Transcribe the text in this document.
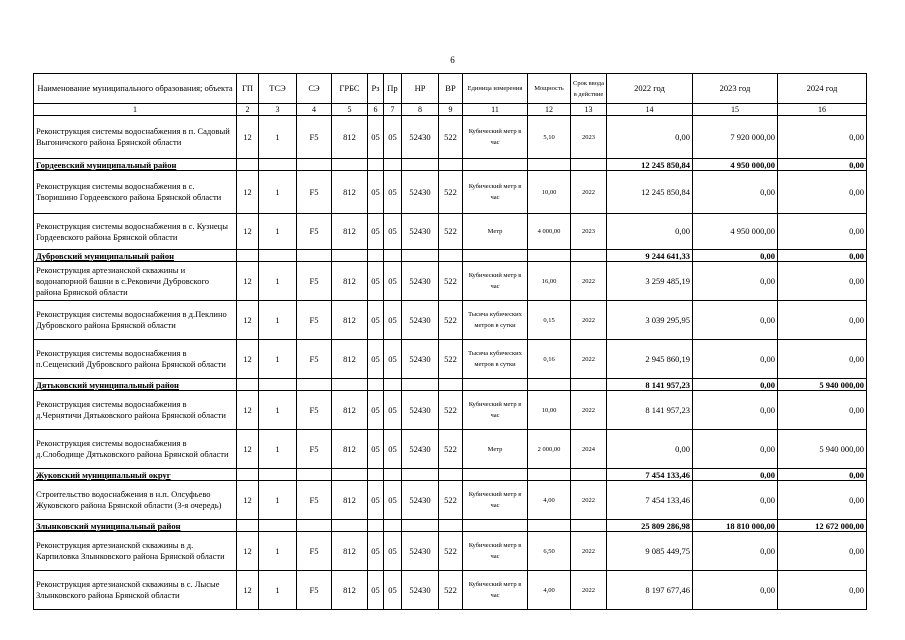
6
Наименование муниципального образования; объекта	ГП	ТСЭ	СЭ	ГРБС	Рз	Пр	НР	ВР	Единица измерения	Мощность	Срок ввода в действие	2022 год	2023 год	2024 год
1	2	3	4	5	6	7	8	9	11	12	13	14	15	16
Реконструкция системы водоснабжения в п. Садовый Выгоничского района Брянской области	12	1	F5	812	05	05	52430	522	Кубический метр в час	5,10	2023	0,00	7 920 000,00	0,00
Гордеевский муниципальный район												12 245 850,84	4 950 000,00	0,00
Реконструкция системы водоснабжения в с. Творишино Гордеевского района Брянской области	12	1	F5	812	05	05	52430	522	Кубический метр в час	10,00	2022	12 245 850,84	0,00	0,00
Реконструкция системы водоснабжения в с. Кузнецы Гордеевского района Брянской области	12	1	F5	812	05	05	52430	522	Метр	4 000,00	2023	0,00	4 950 000,00	0,00
Дубровский муниципальный район												9 244 641,33	0,00	0,00
Реконструкция артезианской скважины и водонапорной башни в с.Рековичи Дубровского района Брянской области	12	1	F5	812	05	05	52430	522	Кубический метр в час	16,00	2022	3 259 485,19	0,00	0,00
Реконструкция системы водоснабжения в д.Пеклино Дубровского района Брянской области	12	1	F5	812	05	05	52430	522	Тысяча кубических метров в сутки	0,15	2022	3 039 295,95	0,00	0,00
Реконструкция системы водоснабжения в п.Сещенский Дубровского района Брянской области	12	1	F5	812	05	05	52430	522	Тысяча кубических метров в сутки	0,16	2022	2 945 860,19	0,00	0,00
Дятьковский муниципальный район												8 141 957,23	0,00	5 940 000,00
Реконструкция системы водоснабжения в д.Чернятичи Дятьковского района Брянской области	12	1	F5	812	05	05	52430	522	Кубический метр в час	10,00	2022	8 141 957,23	0,00	0,00
Реконструкция системы водоснабжения в д.Слободище Дятьковского района Брянской области	12	1	F5	812	05	05	52430	522	Метр	2 000,00	2024	0,00	0,00	5 940 000,00
Жуковский муниципальный округ												7 454 133,46	0,00	0,00
Строительство водоснабжения в н.п. Олсуфьево Жуковского района Брянской области (3-я очередь)	12	1	F5	812	05	05	52430	522	Кубический метр в час	4,00	2022	7 454 133,46	0,00	0,00
Злынковский муниципальный район												25 809 286,98	18 810 000,00	12 672 000,00
Реконструкция артезианской скважины в д. Карпиловка Злынковского района Брянской области	12	1	F5	812	05	05	52430	522	Кубический метр в час	6,50	2022	9 085 449,75	0,00	0,00
Реконструкция артезианской скважины в с. Лысые Злынковского района Брянской области	12	1	F5	812	05	05	52430	522	Кубический метр в час	4,00	2022	8 197 677,46	0,00	0,00
